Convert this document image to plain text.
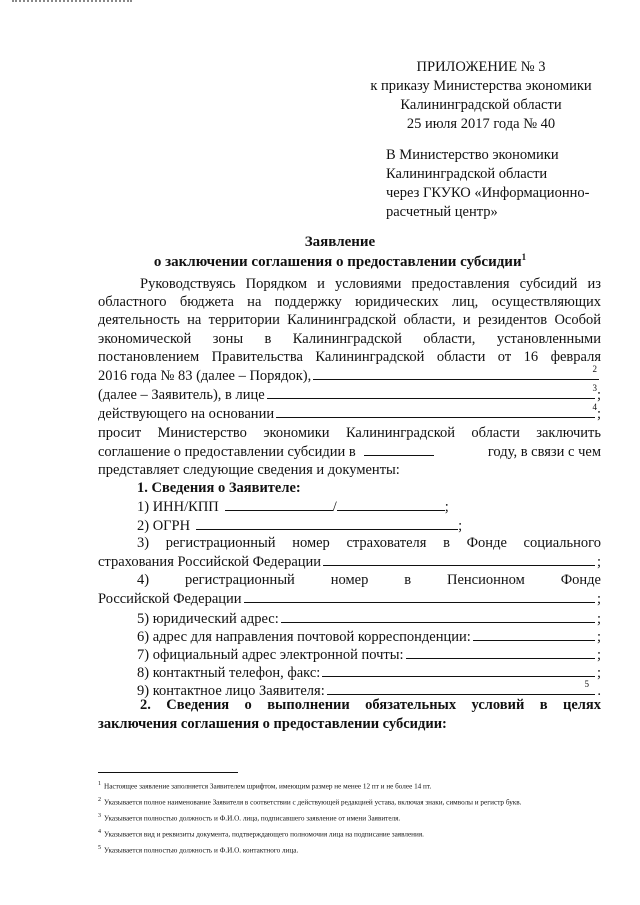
ПРИЛОЖЕНИЕ № 3
к приказу Министерства экономики
Калининградской области
25 июля 2017 года № 40
В Министерство экономики
Калининградской области
через ГКУКО «Информационно-
расчетный центр»
Заявление
о заключении соглашения о предоставлении субсидии$^1$

Руководствуясь Порядком и условиями предоставления субсидий из

областного бюджета на поддержку юридических лиц, осуществляющих

деятельность на территории Калининградской области, и резидентов Особой

экономической зоны в Калининградской области, установленными

постановлением Правительства Калининградской области от 16 февраля

2016 года № 83 (далее – Порядок),	2
(далее – Заявитель), в лице	;
3
действующего на основании	;
4

просит Министерство экономики Калининградской области заключить

соглашение о предоставлении субсидии в	году, в связи с чем

представляет следующие сведения и документы:

1. Сведения о Заявителе:
1) ИНН/КПП	/	;
2) ОГРН	;

3) регистрационный номер страхователя в Фонде социального

страхования Российской Федерации	;

4) регистрационный номер в Пенсионном Фонде

Российской Федерации	;
5) юридический адрес:	;
6) адрес для направления почтовой корреспонденции:	;
7) официальный адрес электронной почты:	;
8) контактный телефон, факс:	;
9) контактное лицо Заявителя:	.
5
2. Сведения о выполнении обязательных условий в целях
заключения соглашения о предоставлении субсидии:
$^1$ Настоящее заявление заполняется Заявителем шрифтом, имеющим размер не менее 12 пт и не более 14 пт.
$^2$ Указывается полное наименование Заявителя в соответствии с действующей редакцией устава, включая знаки, символы и регистр букв.
$^3$ Указывается полностью должность и Ф.И.О. лица, подписавшего заявление от имени Заявителя.
$^4$ Указывается вид и реквизиты документа, подтверждающего полномочия лица на подписание заявления.
$^5$ Указывается полностью должность и Ф.И.О. контактного лица.
